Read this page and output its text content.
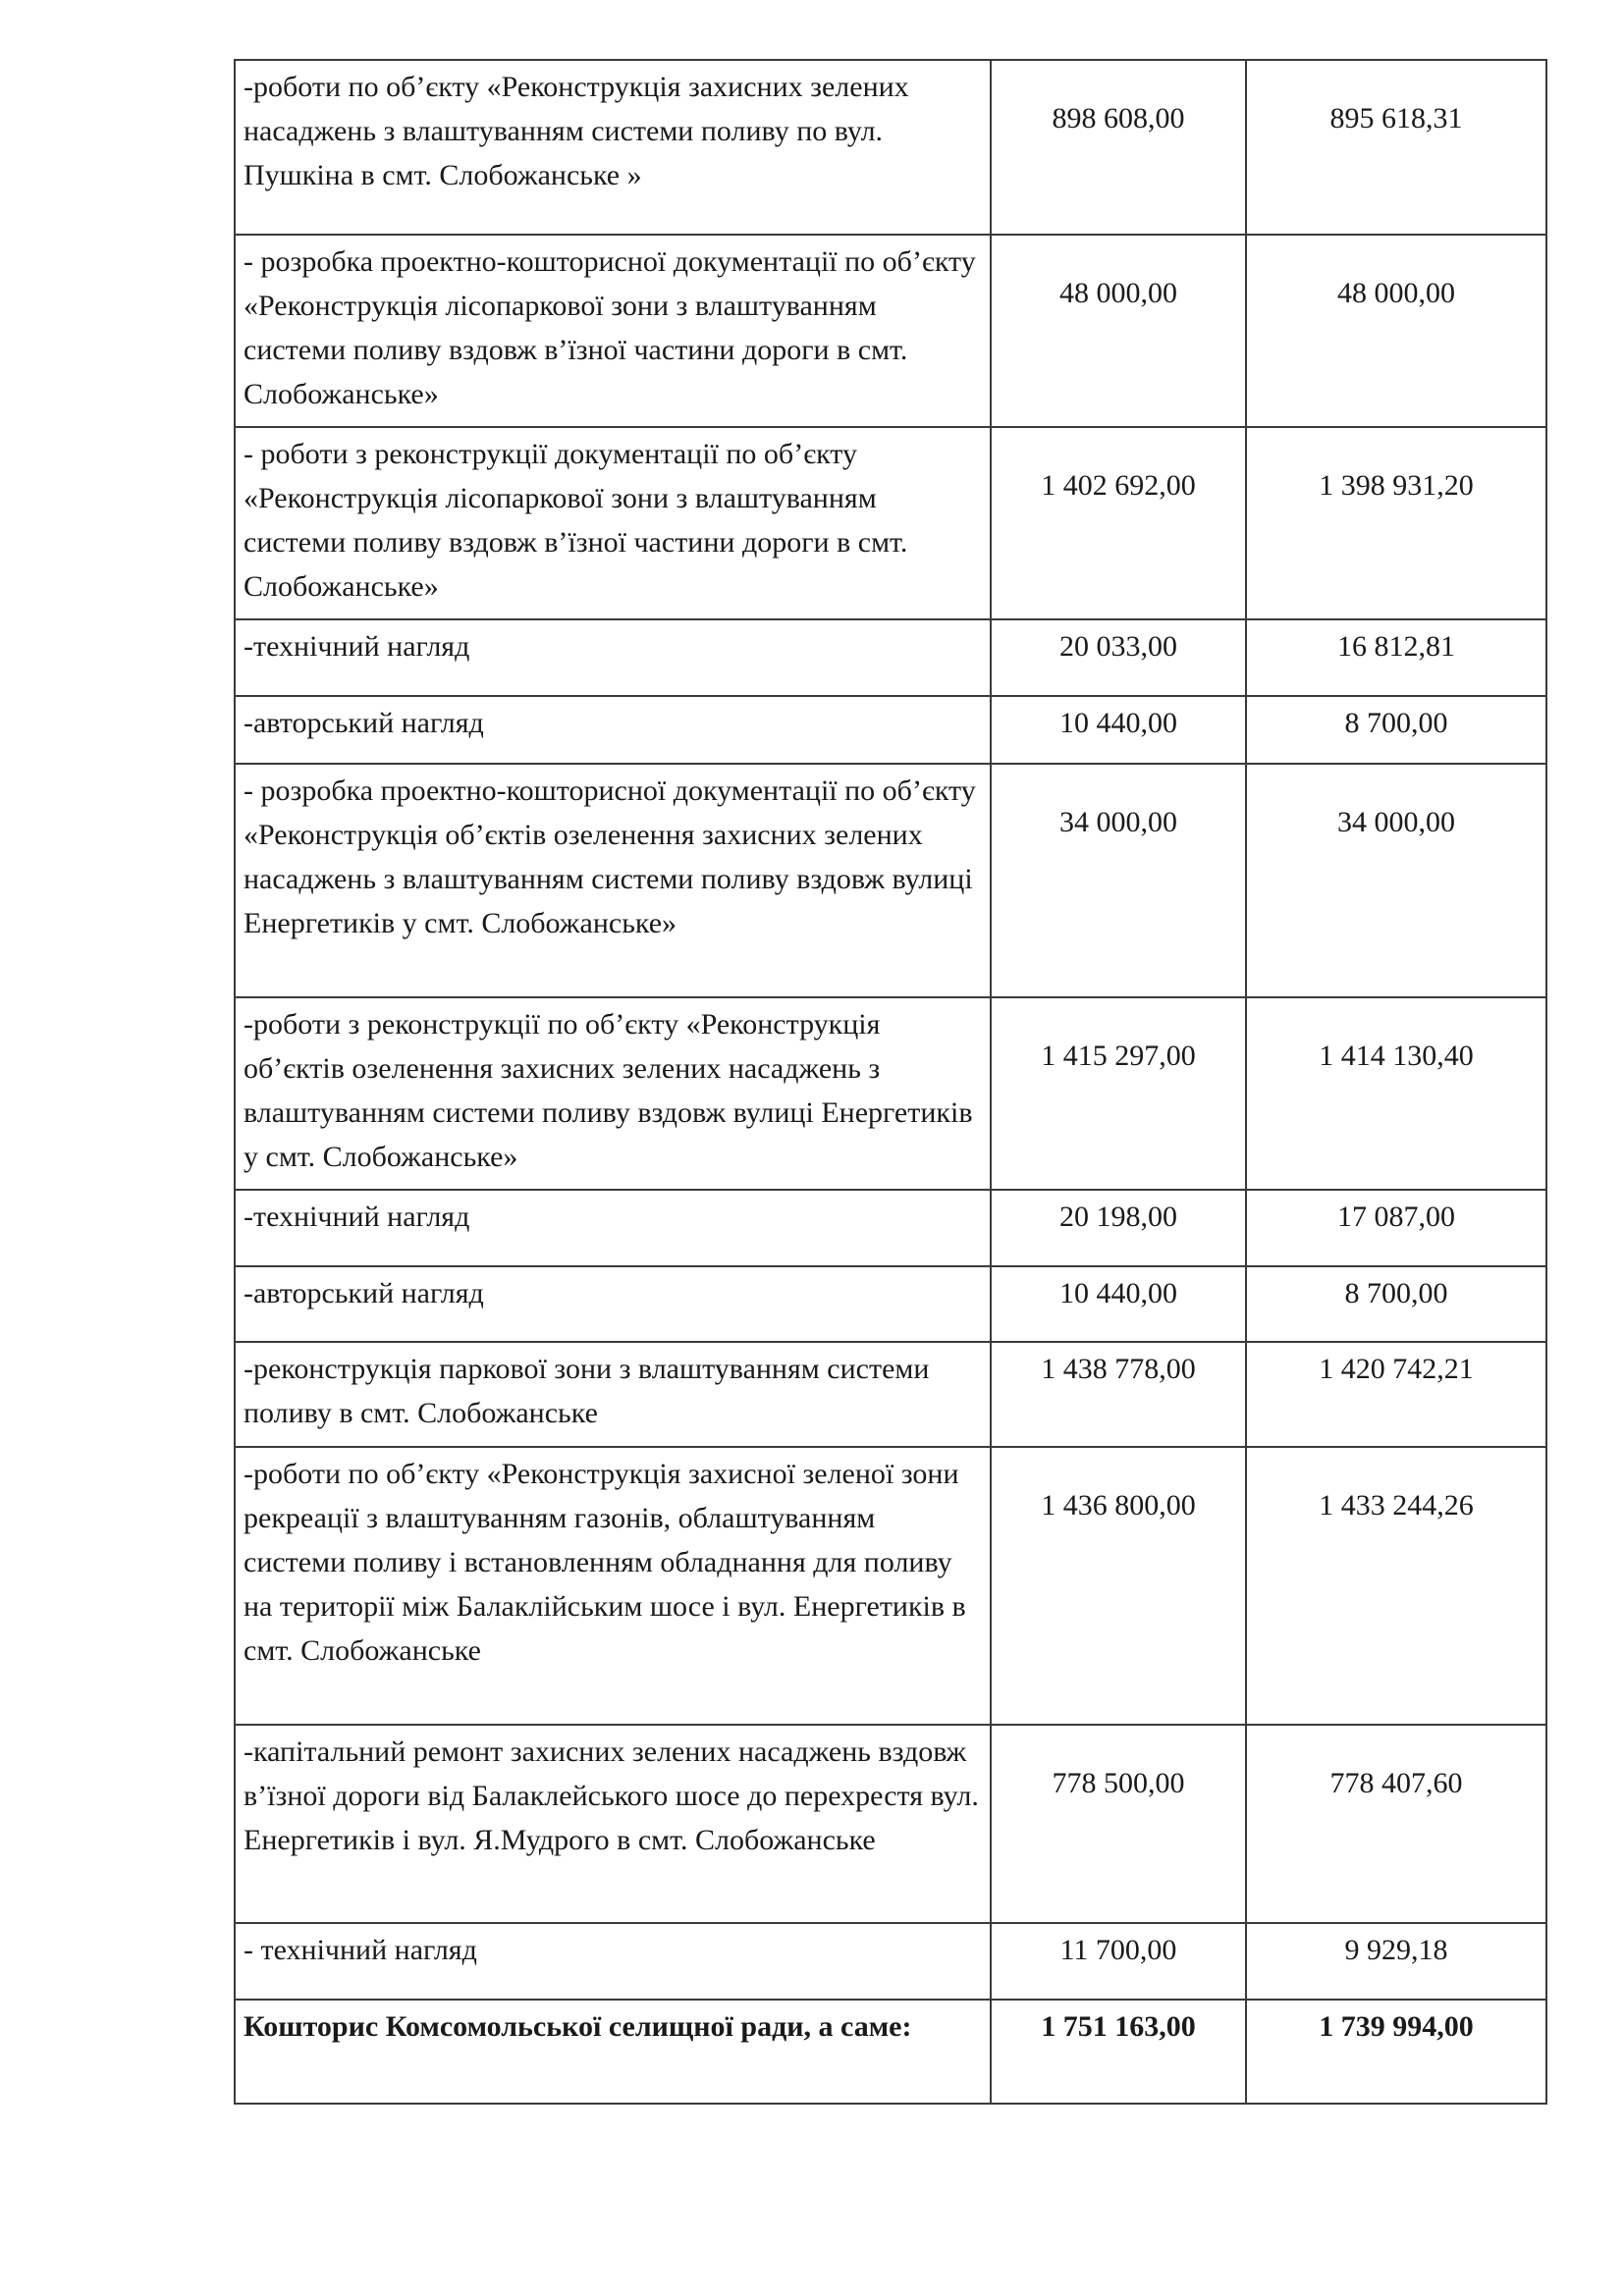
-роботи по об’єкту «Реконструкція захисних зелених насаджень з влаштуванням системи поливу по вул. Пушкіна в смт. Слобожанське »	898 608,00	895 618,31
- розробка проектно-кошторисної документації по об’єкту «Реконструкція лісопаркової зони з влаштуванням системи поливу вздовж в’їзної частини дороги в смт. Слобожанське»	48 000,00	48 000,00
- роботи з реконструкції документації по об’єкту «Реконструкція лісопаркової зони з влаштуванням системи поливу вздовж в’їзної частини дороги в смт. Слобожанське»	1 402 692,00	1 398 931,20
-технічний нагляд	20 033,00	16 812,81
-авторський нагляд	10 440,00	8 700,00
- розробка проектно-кошторисної документації по об’єкту «Реконструкція об’єктів озеленення захисних зелених насаджень з влаштуванням системи поливу вздовж вулиці Енергетиків у смт. Слобожанське»	34 000,00	34 000,00
-роботи з реконструкції по об’єкту «Реконструкція об’єктів озеленення захисних зелених насаджень з влаштуванням системи поливу вздовж вулиці Енергетиків у смт. Слобожанське»	1 415 297,00	1 414 130,40
-технічний нагляд	20 198,00	17 087,00
-авторський нагляд	10 440,00	8 700,00
-реконструкція паркової зони з влаштуванням системи поливу в смт. Слобожанське	1 438 778,00	1 420 742,21
-роботи по об’єкту «Реконструкція захисної зеленої зони рекреації з влаштуванням газонів, облаштуванням системи поливу і встановленням обладнання для поливу на території між Балаклійським шосе і вул. Енергетиків в смт. Слобожанське	1 436 800,00	1 433 244,26
-капітальний ремонт захисних зелених насаджень вздовж в’їзної дороги від Балаклейського шосе до перехрестя вул. Енергетиків і вул. Я.Мудрого в смт. Слобожанське	778 500,00	778 407,60
- технічний нагляд	11 700,00	9 929,18
Кошторис Комсомольської селищної ради, а саме:	1 751 163,00	1 739 994,00
